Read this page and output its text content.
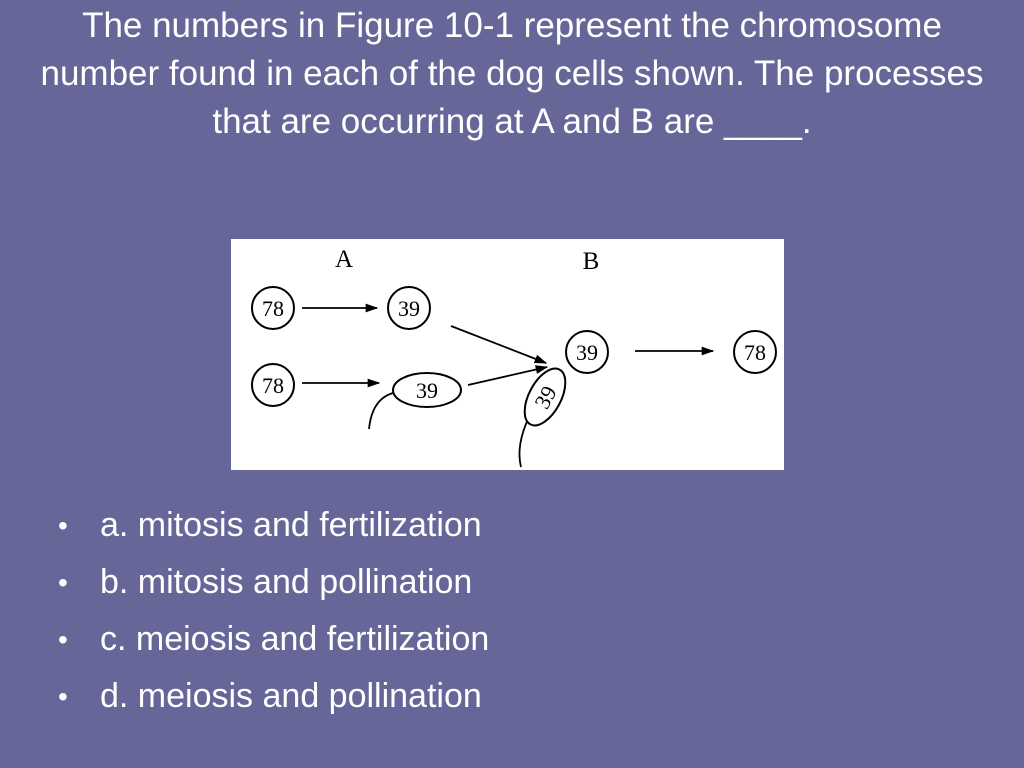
The numbers in Figure 10-1 represent the chromosome number found in each of the dog cells shown. The processes that are occurring at A and B are ____.
A	B
78	39
78	39
39
39
78
• a. mitosis and fertilization
• b. mitosis and pollination
• c. meiosis and fertilization
• d. meiosis and pollination
